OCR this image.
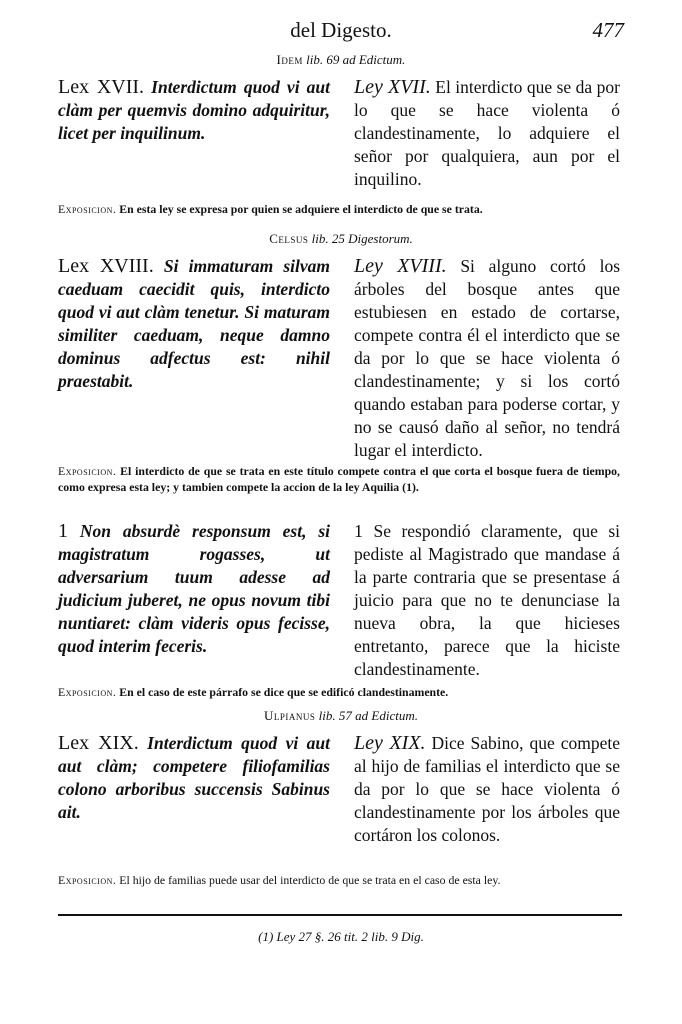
del Digesto.	477
Idem lib. 69 ad Edictum.
Lex XVII. Interdictum quod vi aut clàm per quemvis domino adquiritur, licet per inquilinum.
Ley XVII. El interdicto que se da por lo que se hace violenta ó clandestinamente, lo adquiere el señor por qualquiera, aun por el inquilino.
Exposicion. En esta ley se expresa por quien se adquiere el interdicto de que se trata.
Celsus lib. 25 Digestorum.
Lex XVIII. Si immaturam silvam caeduam caecidit quis, interdicto quod vi aut clàm tenetur. Si maturam similiter caeduam, neque damno dominus adfectus est: nihil praestabit.
Ley XVIII. Si alguno cortó los árboles del bosque antes que estubiesen en estado de cortarse, compete contra él el interdicto que se da por lo que se hace violenta ó clandestinamente; y si los cortó quando estaban para poderse cortar, y no se causó daño al señor, no tendrá lugar el interdicto.
Exposicion. El interdicto de que se trata en este título compete contra el que corta el bosque fuera de tiempo, como expresa esta ley; y tambien compete la accion de la ley Aquilia (1).
1 Non absurdè responsum est, si magistratum rogasses, ut adversarium tuum adesse ad judicium juberet, ne opus novum tibi nuntiaret: clàm videris opus fecisse, quod interim feceris.
1 Se respondió claramente, que si pediste al Magistrado que mandase á la parte contraria que se presentase á juicio para que no te denunciase la nueva obra, la que hicieses entretanto, parece que la hiciste clandestinamente.
Exposicion. En el caso de este párrafo se dice que se edificó clandestinamente.
Ulpianus lib. 57 ad Edictum.
Lex XIX. Interdictum quod vi aut aut clàm; competere filiofamilias colono arboribus succensis Sabinus ait.
Ley XIX. Dice Sabino, que compete al hijo de familias el interdicto que se da por lo que se hace violenta ó clandestinamente por los árboles que cortáron los colonos.
Exposicion. El hijo de familias puede usar del interdicto de que se trata en el caso de esta ley.
(1) Ley 27 §. 26 tit. 2 lib. 9 Dig.
